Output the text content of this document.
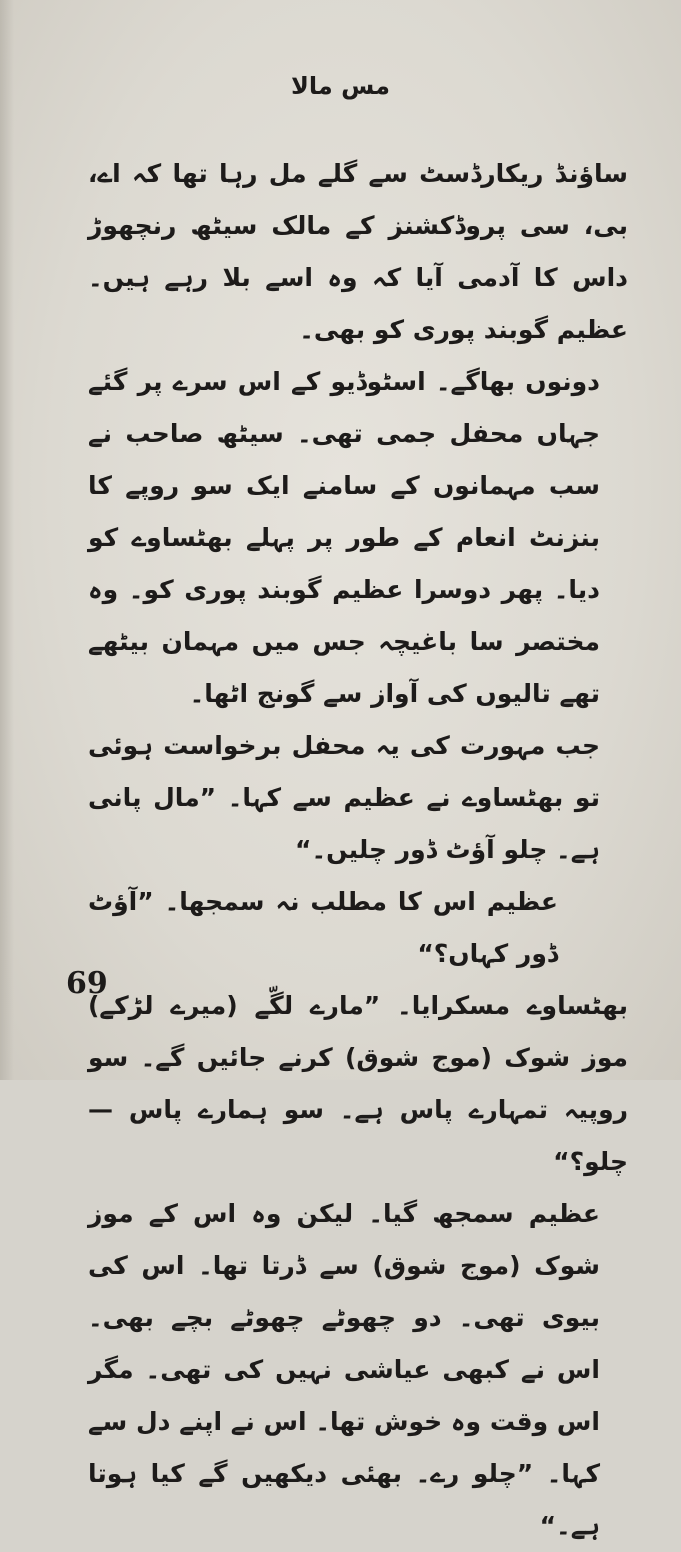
مس مالا

ساؤنڈ ریکارڈسٹ سے گلے مل رہا تھا کہ اے، بی، سی پروڈکشنز کے مالک سیٹھ رنچھوڑ داس کا آدمی آیا کہ وہ اسے بلا رہے ہیں۔ عظیم گوبند پوری کو بھی۔

دونوں بھاگے۔ اسٹوڈیو کے اس سرے پر گئے جہاں محفل جمی تھی۔ سیٹھ صاحب نے سب مہمانوں کے سامنے ایک سو روپے کا بنزنٹ انعام کے طور پر پہلے بھٹساوے کو دیا۔ پھر دوسرا عظیم گوبند پوری کو۔ وہ مختصر سا باغیچہ جس میں مہمان بیٹھے تھے تالیوں کی آواز سے گونج اٹھا۔

جب مہورت کی یہ محفل برخواست ہوئی تو بھٹساوے نے عظیم سے کہا۔ ”مال پانی ہے۔ چلو آؤٹ ڈور چلیں۔“

عظیم اس کا مطلب نہ سمجھا۔ ”آؤٹ ڈور کہاں؟“

بھٹساوے مسکرایا۔ ”مارے لگّے (میرے لڑکے) موز شوک (موج شوق) کرنے جائیں گے۔ سو روپیہ تمہارے پاس ہے۔ سو ہمارے پاس — چلو؟“

عظیم سمجھ گیا۔ لیکن وہ اس کے موز شوک (موج شوق) سے ڈرتا تھا۔ اس کی بیوی تھی۔ دو چھوٹے چھوٹے بچے بھی۔ اس نے کبھی عیاشی نہیں کی تھی۔ مگر اس وقت وہ خوش تھا۔ اس نے اپنے دل سے کہا۔ ”چلو رے۔ بھئی دیکھیں گے کیا ہوتا ہے۔“

69
